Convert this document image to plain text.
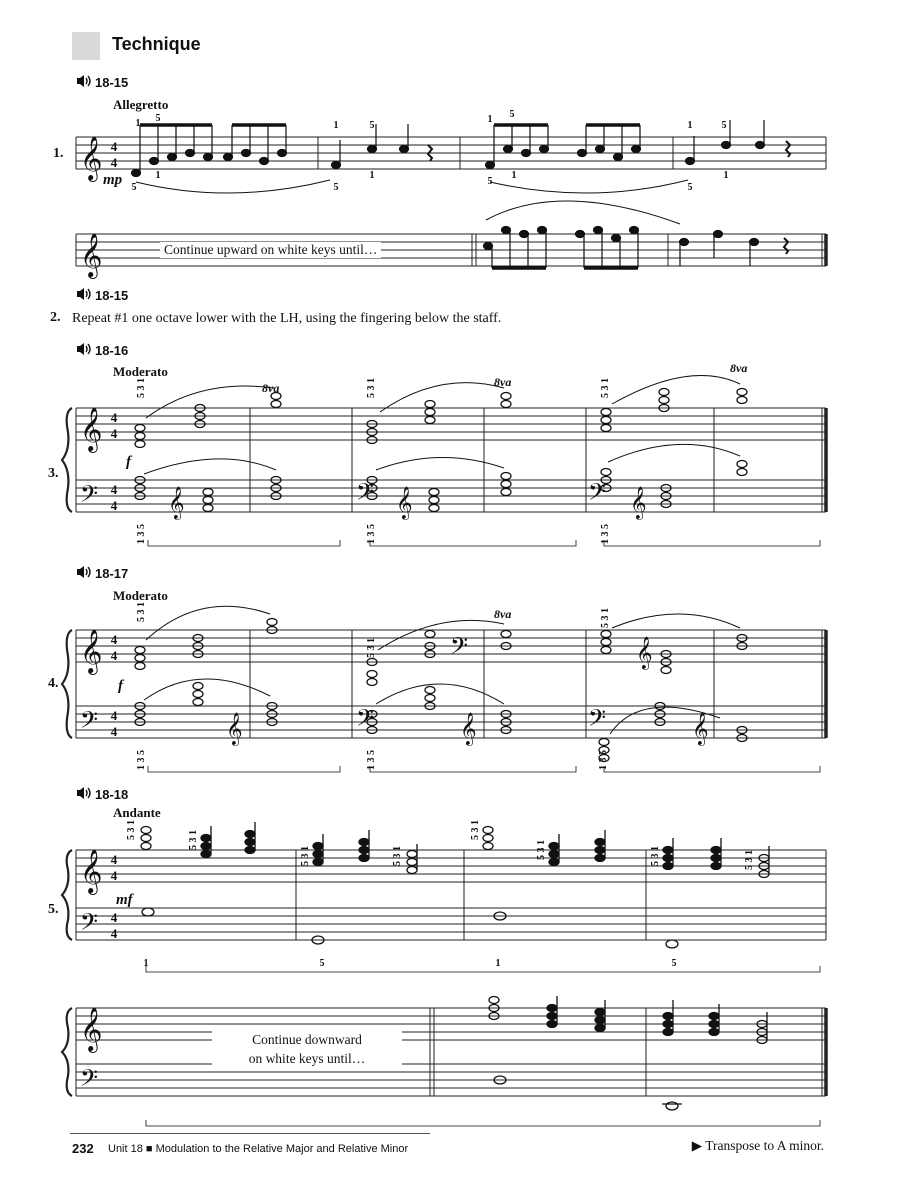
Technique
18-15
Allegretto
1.
mp
𝄞
𝄞
𝄞
𝄞
𝄞
𝄞
𝄢
𝄢
𝄢
𝄢
𝄢	𝄢
𝄢	𝄢
𝄢
𝄞	𝄞	𝄞
𝄞	𝄞	𝄞
𝄞
4
4
4
4
4
4
4
4
4
4
4
4
4
4
8va	8va
8va
8va
1 5
5
1
1	5
5
1
1 5
5
1
1	5
5
1
1	5	1	5
5 3 1	5 3 1	5 3 1
1 3 5	1 3 5	1 3 5
5 3 1
5 3 1
5 3 1
1 3 5	1 3 5	1 3 5
5 3 1	5 3 1
5 3 1	5 3 1
5 3 1
5 3 1	5 3 1	5 3 1
Continue upward on white keys until…
18-15
2. Repeat #1 one octave lower with the LH, using the fingering below the staff.
18-16
Moderato
3.
f
18-17
Moderato
4.	f
18-18
Andante
5.
mf
Continue downward
on white keys until…
232 Unit 18 ■ Modulation to the Relative Major and Relative Minor	▶ Transpose to A minor.
